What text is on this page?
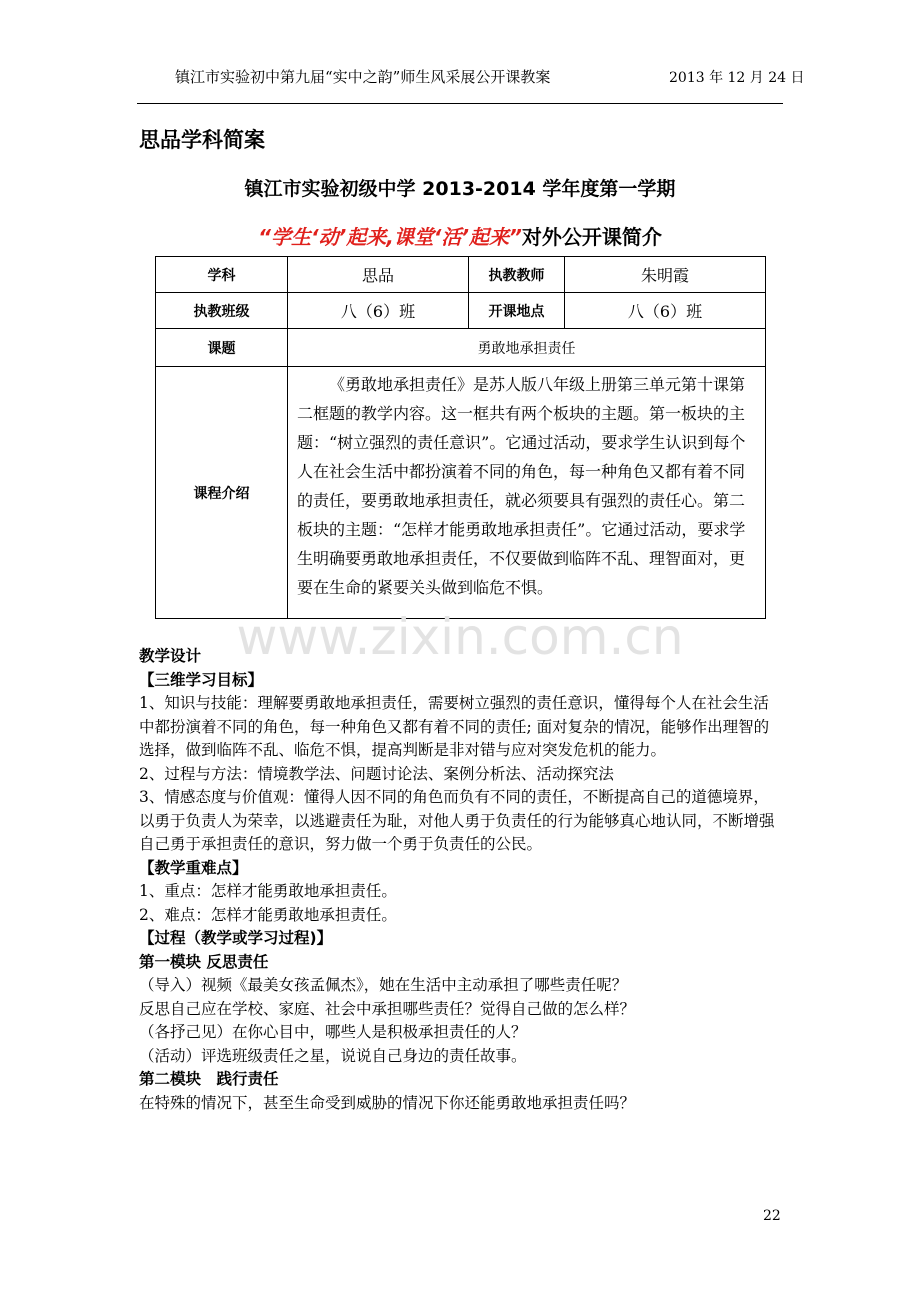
镇江市实验初中第九届“实中之韵”师生风采展公开课教案	2013 年 12 月 24 日
思品学科简案
镇江市实验初级中学 2013-2014 学年度第一学期
“学生‘动’起来,课堂‘活’起来”对外公开课简介
学科	思品	执教教师	朱明霞
执教班级	八（6）班	开课地点	八（6）班
课题	勇敢地承担责任		
课程介绍	《勇敢地承担责任》是苏人版八年级上册第三单元第十课第二框题的教学内容。这一框共有两个板块的主题。第一板块的主题：“树立强烈的责任意识”。它通过活动，要求学生认识到每个人在社会生活中都扮演着不同的角色，每一种角色又都有着不同的责任，要勇敢地承担责任，就必须要具有强烈的责任心。第二板块的主题：“怎样才能勇敢地承担责任”。它通过活动，要求学生明确要勇敢地承担责任，不仅要做到临阵不乱、理智面对，更要在生命的紧要关头做到临危不惧。		
www.zixin.com.cn

教学设计

【三维学习目标】

1、知识与技能：理解要勇敢地承担责任，需要树立强烈的责任意识，懂得每个人在社会生活中都扮演着不同的角色，每一种角色又都有着不同的责任; 面对复杂的情况，能够作出理智的选择，做到临阵不乱、临危不惧，提高判断是非对错与应对突发危机的能力。

2、过程与方法：情境教学法、问题讨论法、案例分析法、活动探究法

3、情感态度与价值观：懂得人因不同的角色而负有不同的责任，不断提高自己的道德境界，以勇于负责人为荣幸，以逃避责任为耻，对他人勇于负责任的行为能够真心地认同，不断增强自己勇于承担责任的意识，努力做一个勇于负责任的公民。

【教学重难点】

1、重点：怎样才能勇敢地承担责任。

2、难点：怎样才能勇敢地承担责任。

【过程（教学或学习过程)】

第一模块 反思责任

（导入）视频《最美女孩孟佩杰》，她在生活中主动承担了哪些责任呢？

反思自己应在学校、家庭、社会中承担哪些责任？觉得自己做的怎么样？

（各抒己见）在你心目中，哪些人是积极承担责任的人？

（活动）评选班级责任之星，说说自己身边的责任故事。

第二模块　践行责任

在特殊的情况下，甚至生命受到威胁的情况下你还能勇敢地承担责任吗？

22
